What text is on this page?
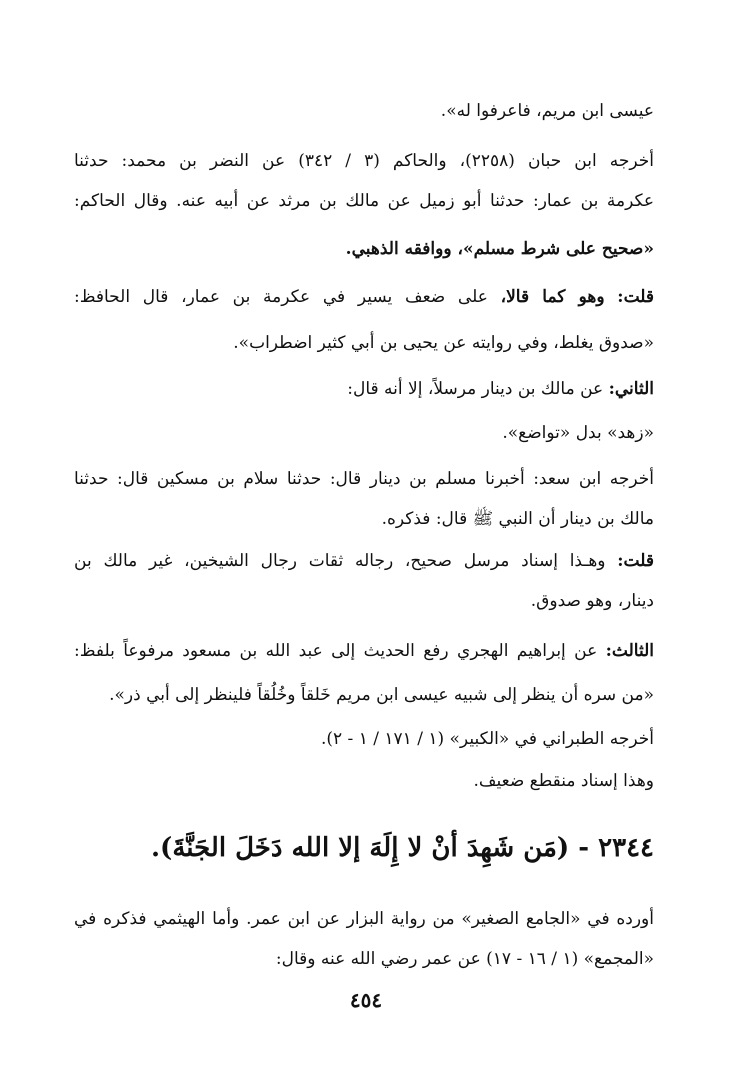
عيسى ابن مريم، فاعرفوا له».
أخرجه ابن حبان (٢٢٥٨)، والحاكم (٣ / ٣٤٢) عن النضر بن محمد: حدثنا
عكرمة بن عمار: حدثنا أبو زميل عن مالك بن مرثد عن أبيه عنه. وقال الحاكم:
«صحيح على شرط مسلم»، ووافقه الذهبي.
قلت: وهو كما قالا، على ضعف يسير في عكرمة بن عمار، قال الحافظ:
«صدوق يغلط، وفي روايته عن يحيى بن أبي كثير اضطراب».
الثاني: عن مالك بن دينار مرسلاً، إلا أنه قال:
«زهد» بدل «تواضع».
أخرجه ابن سعد: أخبرنا مسلم بن دينار قال: حدثنا سلام بن مسكين قال: حدثنا
مالك بن دينار أن النبي ﷺ قال: فذكره.
قلت: وهـذا إسناد مرسل صحيح، رجاله ثقات رجال الشيخين، غير مالك بن
دينار، وهو صدوق.
الثالث: عن إبراهيم الهجري رفع الحديث إلى عبد الله بن مسعود مرفوعاً بلفظ:
«من سره أن ينظر إلى شبيه عيسى ابن مريم خَلقاً وخُلُقاً فلينظر إلى أبي ذر».
أخرجه الطبراني في «الكبير» (١ / ١٧١ / ١ - ٢).
وهذا إسناد منقطع ضعيف.
٢٣٤٤ - (مَن شَهِدَ أنْ لا إِلَهَ إلا الله دَخَلَ الجَنَّةَ).
أورده في «الجامع الصغير» من رواية البزار عن ابن عمر. وأما الهيثمي فذكره في
«المجمع» (١ / ١٦ - ١٧) عن عمر رضي الله عنه وقال:
٤٥٤
